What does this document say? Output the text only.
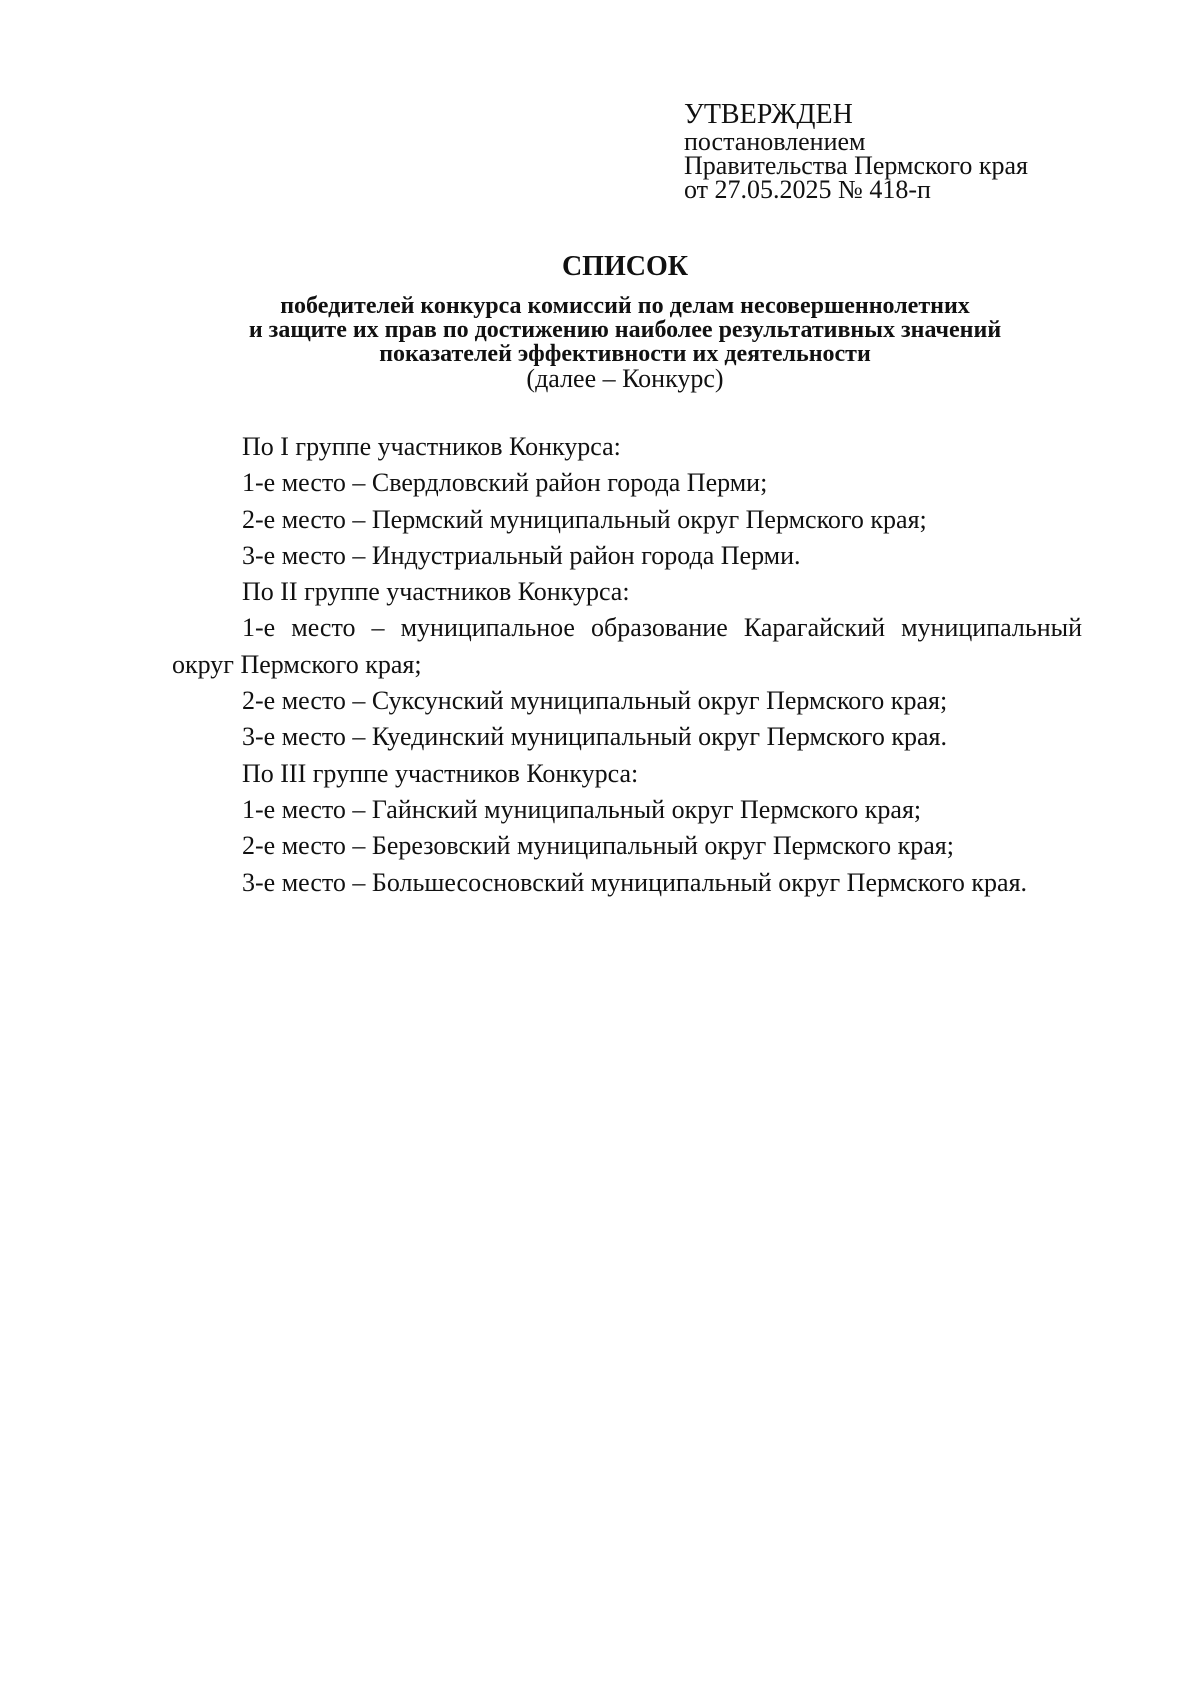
УТВЕРЖДЕН
постановлением
Правительства Пермского края
от 27.05.2025 № 418-п
СПИСОК
победителей конкурса комиссий по делам несовершеннолетних
и защите их прав по достижению наиболее результативных значений
показателей эффективности их деятельности
(далее – Конкурс)

По I группе участников Конкурса:

1-е место – Свердловский район города Перми;

2-е место – Пермский муниципальный округ Пермского края;

3-е место – Индустриальный район города Перми.

По II группе участников Конкурса:

1-е место – муниципальное образование Карагайский муниципальный округ Пермского края;

2-е место – Суксунский муниципальный округ Пермского края;

3-е место – Куединский муниципальный округ Пермского края.

По III группе участников Конкурса:

1-е место – Гайнский муниципальный округ Пермского края;

2-е место – Березовский муниципальный округ Пермского края;

3-е место – Большесосновский муниципальный округ Пермского края.
